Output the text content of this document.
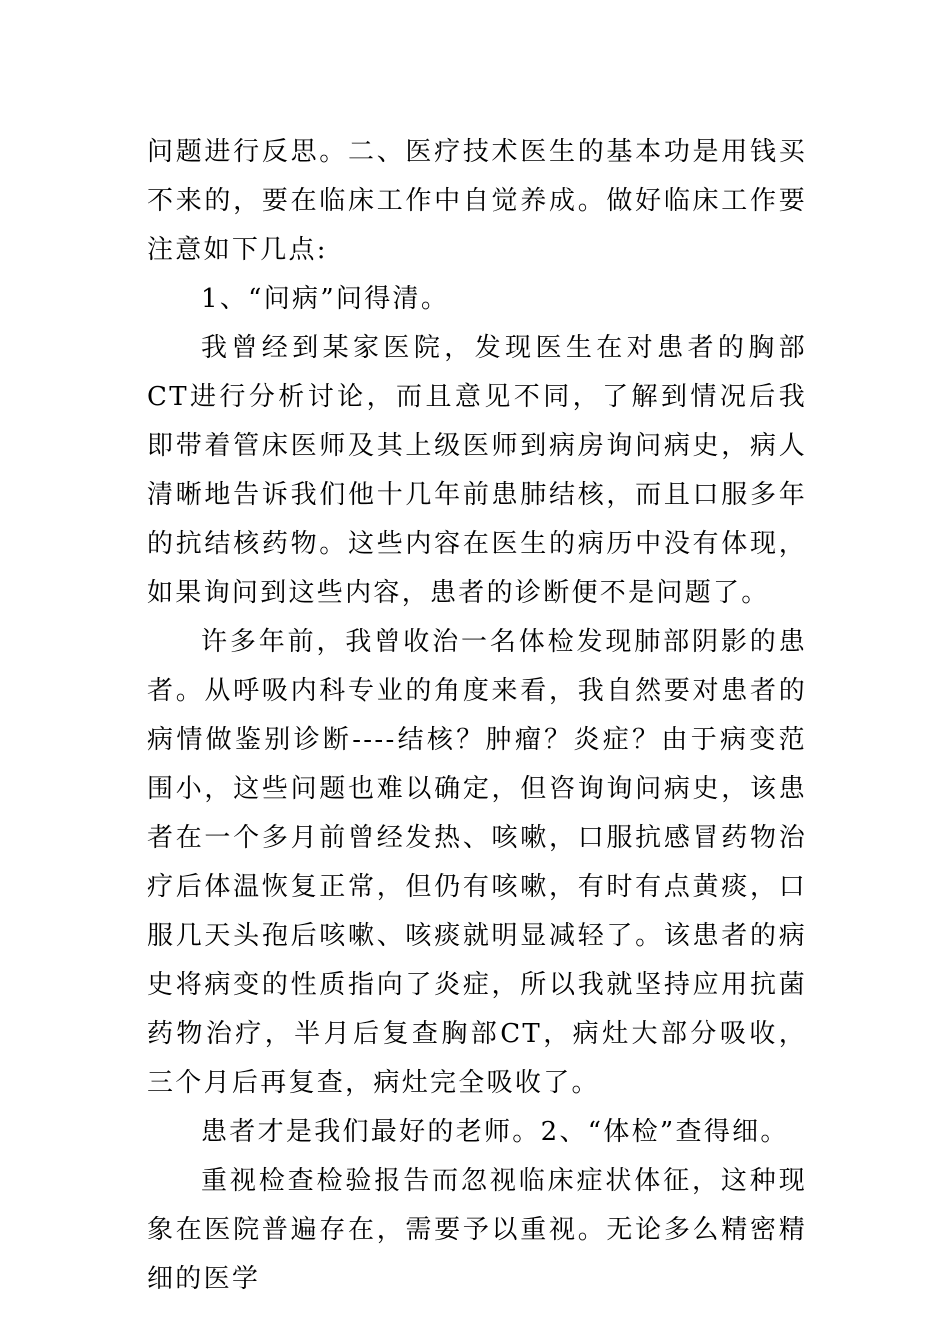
问题进行反思。二、医疗技术医生的基本功是用钱买不来的，要在临床工作中自觉养成。做好临床工作要注意如下几点:

1、“问病”问得清。

我曾经到某家医院，发现医生在对患者的胸部CT进行分析讨论，而且意见不同，了解到情况后我即带着管床医师及其上级医师到病房询问病史，病人清晰地告诉我们他十几年前患肺结核，而且口服多年的抗结核药物。这些内容在医生的病历中没有体现，如果询问到这些内容，患者的诊断便不是问题了。

许多年前，我曾收治一名体检发现肺部阴影的患者。从呼吸内科专业的角度来看，我自然要对患者的病情做鉴别诊断----结核？肿瘤？炎症？由于病变范围小，这些问题也难以确定，但咨询询问病史，该患者在一个多月前曾经发热、咳嗽，口服抗感冒药物治疗后体温恢复正常，但仍有咳嗽，有时有点黄痰，口服几天头孢后咳嗽、咳痰就明显减轻了。该患者的病史将病变的性质指向了炎症，所以我就坚持应用抗菌药物治疗，半月后复查胸部CT，病灶大部分吸收，三个月后再复查，病灶完全吸收了。

患者才是我们最好的老师。2、“体检”查得细。

重视检查检验报告而忽视临床症状体征，这种现象在医院普遍存在，需要予以重视。无论多么精密精细的医学
